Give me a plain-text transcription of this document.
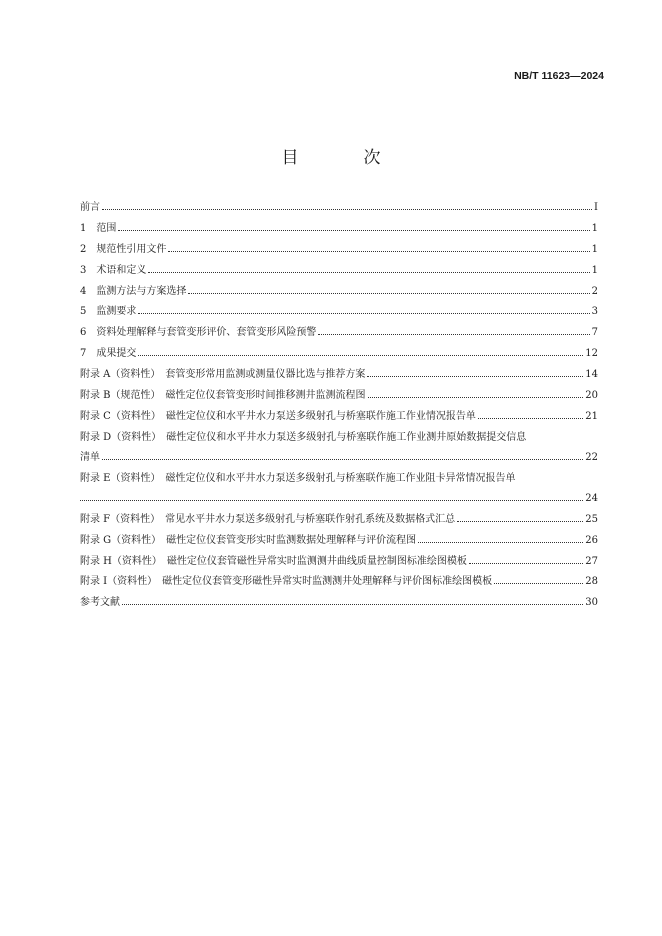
NB/T 11623—2024
目　次
前言	I
1　范围	1
2　规范性引用文件	1
3　术语和定义	1
4　监测方法与方案选择	2
5　监测要求	3
6　资料处理解释与套管变形评价、套管变形风险预警	7
7　成果提交	12
附录 A（资料性）　套管变形常用监测或测量仪器比选与推荐方案	14
附录 B（规范性）　磁性定位仪套管变形时间推移测井监测流程图	20
附录 C（资料性）　磁性定位仪和水平井水力泵送多级射孔与桥塞联作施工作业情况报告单	21
附录 D（资料性）　磁性定位仪和水平井水力泵送多级射孔与桥塞联作施工作业测井原始数据提交信息
清单	22
附录 E（资料性）　磁性定位仪和水平井水力泵送多级射孔与桥塞联作施工作业阻卡异常情况报告单
24
附录 F（资料性）　常见水平井水力泵送多级射孔与桥塞联作射孔系统及数据格式汇总	25
附录 G（资料性）　磁性定位仪套管变形实时监测数据处理解释与评价流程图	26
附录 H（资料性）　磁性定位仪套管磁性异常实时监测测井曲线质量控制图标准绘图模板	27
附录 I（资料性）　磁性定位仪套管变形磁性异常实时监测测井处理解释与评价图标准绘图模板	28
参考文献	30
